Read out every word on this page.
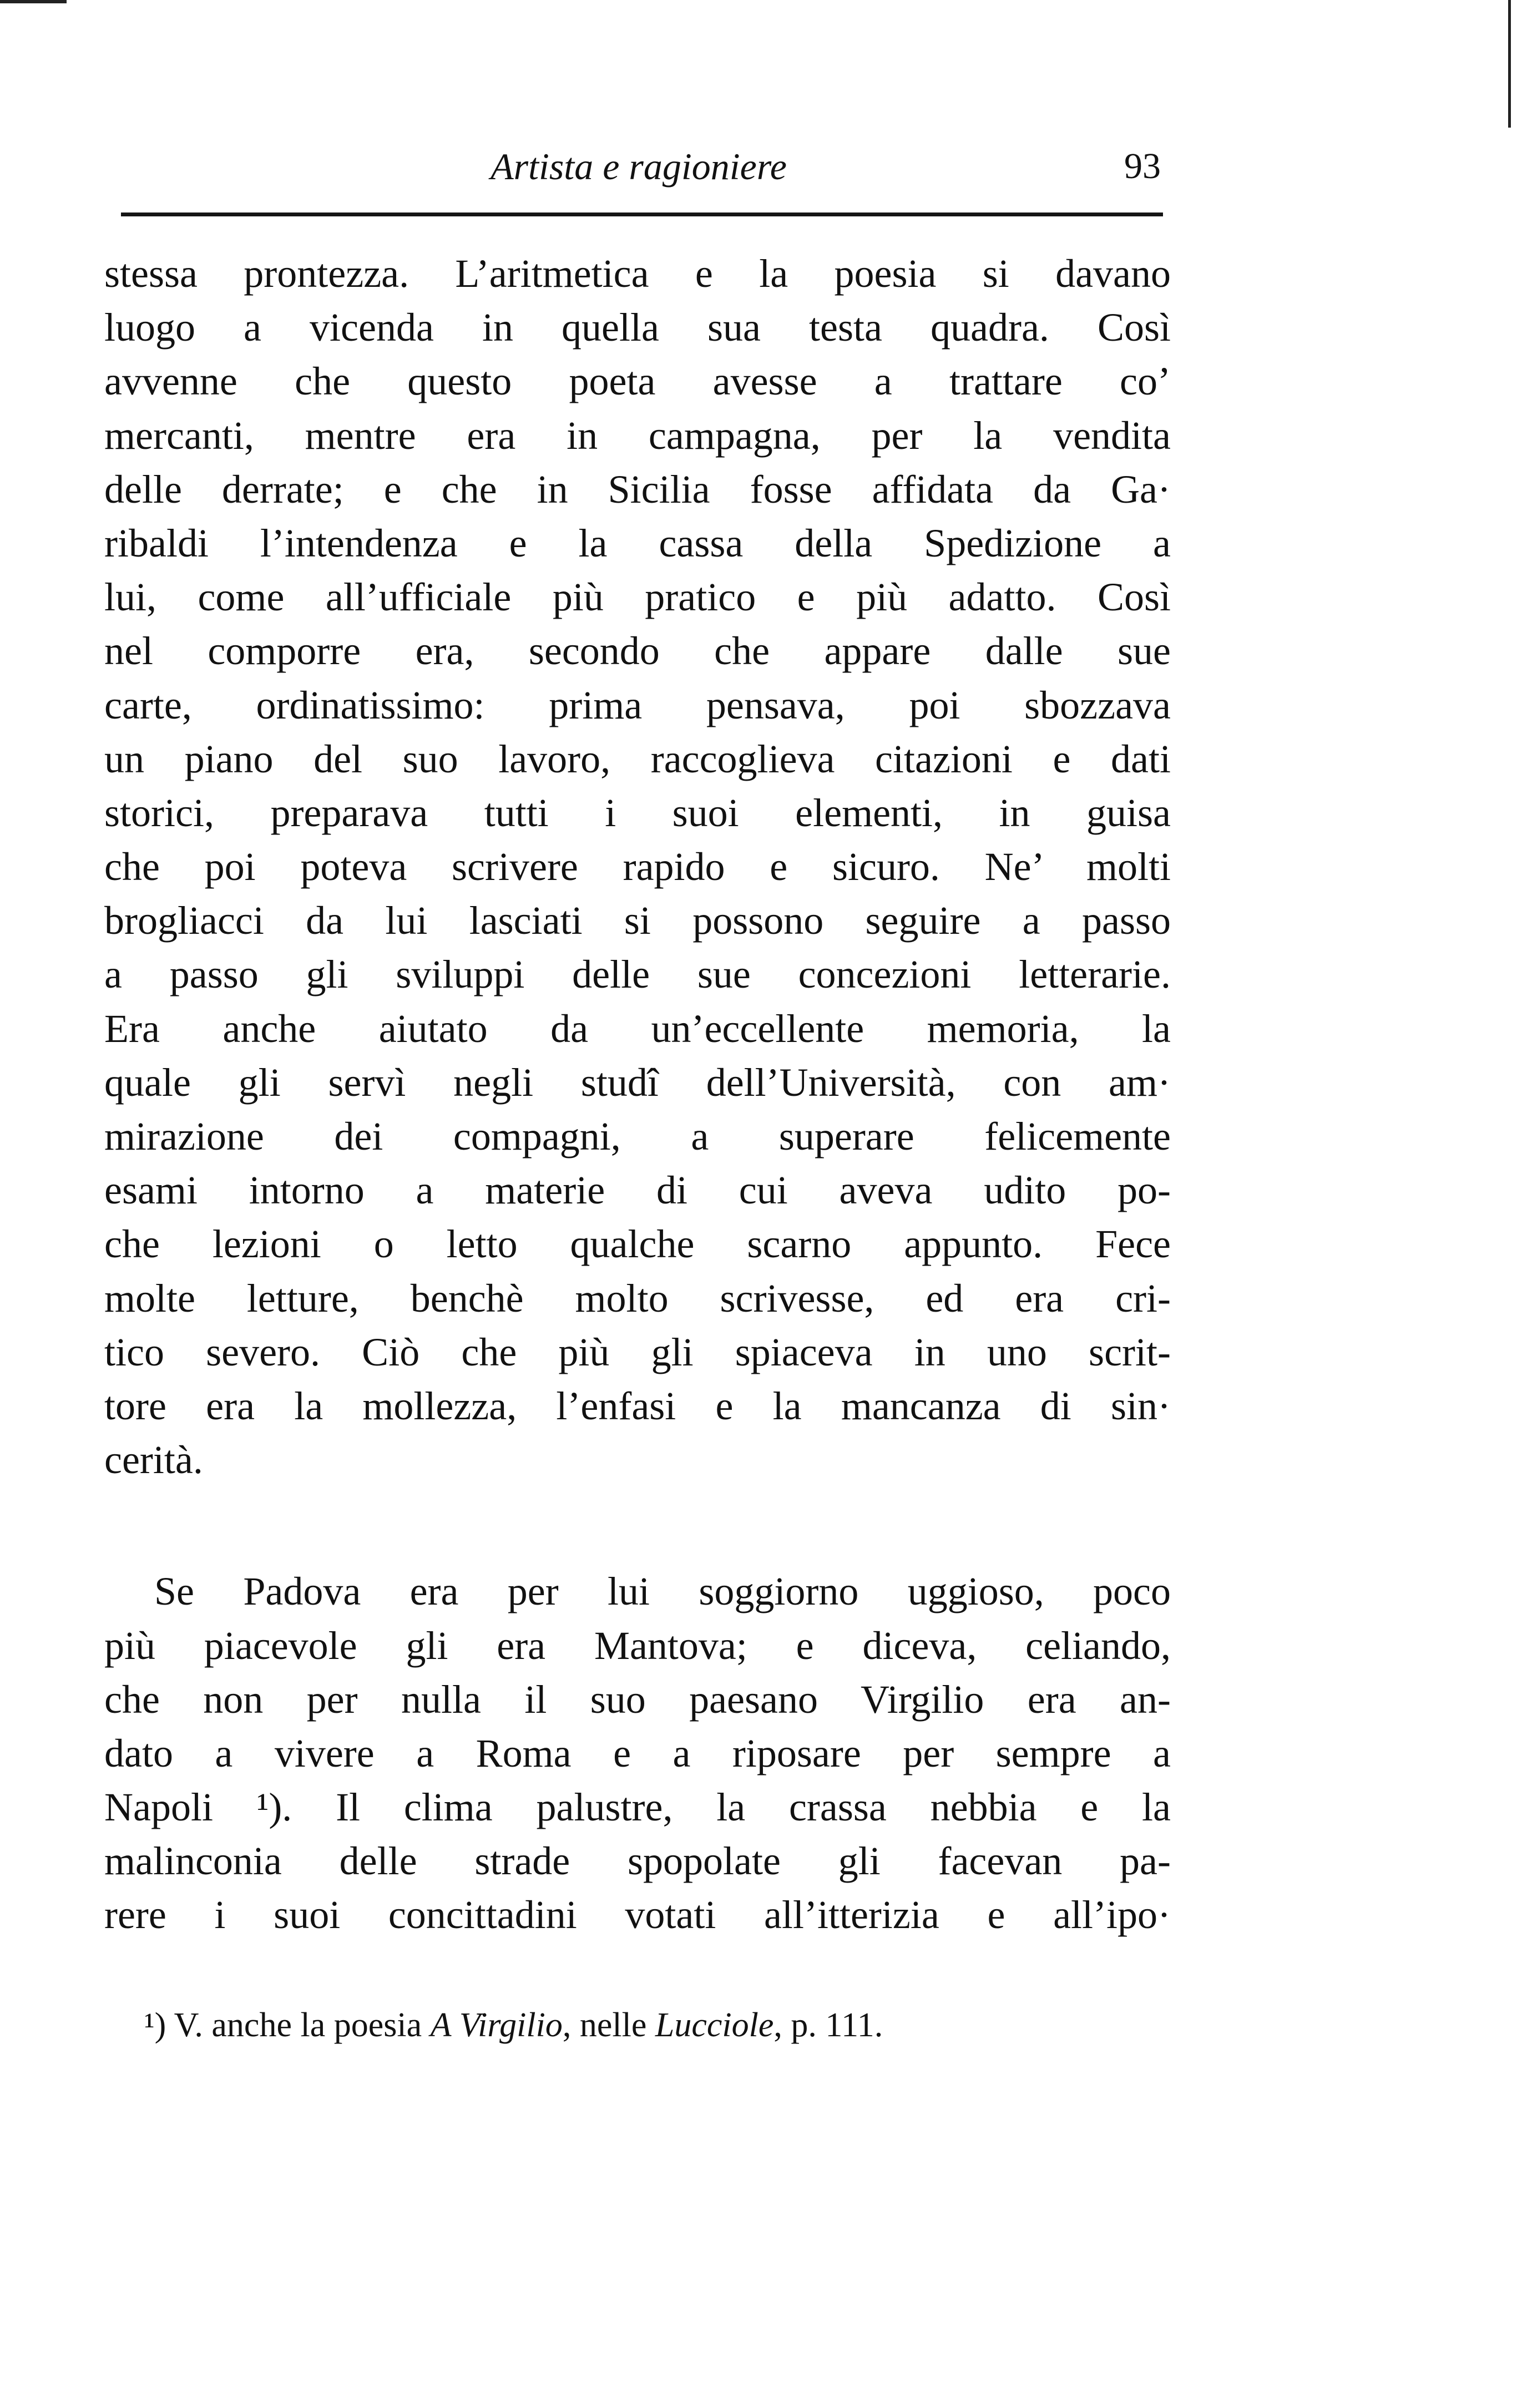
Artista e ragioniere	93
stessa prontezza. L’aritmetica e la poesia si davano
luogo a vicenda in quella sua testa quadra. Così
avvenne che questo poeta avesse a trattare co’
mercanti, mentre era in campagna, per la vendita
delle derrate; e che in Sicilia fosse affidata da Ga·
ribaldi l’intendenza e la cassa della Spedizione a
lui, come all’ufficiale più pratico e più adatto. Così
nel comporre era, secondo che appare dalle sue
carte, ordinatissimo: prima pensava, poi sbozzava
un piano del suo lavoro, raccoglieva citazioni e dati
storici, preparava tutti i suoi elementi, in guisa
che poi poteva scrivere rapido e sicuro. Ne’ molti
brogliacci da lui lasciati si possono seguire a passo
a passo gli sviluppi delle sue concezioni letterarie.
Era anche aiutato da un’eccellente memoria, la
quale gli servì negli studî dell’Università, con am·
mirazione dei compagni, a superare felicemente
esami intorno a materie di cui aveva udito po-
che lezioni o letto qualche scarno appunto. Fece
molte letture, benchè molto scrivesse, ed era cri-
tico severo. Ciò che più gli spiaceva in uno scrit-
tore era la mollezza, l’enfasi e la mancanza di sin·
cerità.
Se Padova era per lui soggiorno uggioso, poco
più piacevole gli era Mantova; e diceva, celiando,
che non per nulla il suo paesano Virgilio era an-
dato a vivere a Roma e a riposare per sempre a
Napoli ¹). Il clima palustre, la crassa nebbia e la
malinconia delle strade spopolate gli facevan pa-
rere i suoi concittadini votati all’itterizia e all’ipo·
¹) V. anche la poesia A Virgilio, nelle Lucciole, p. 111.
